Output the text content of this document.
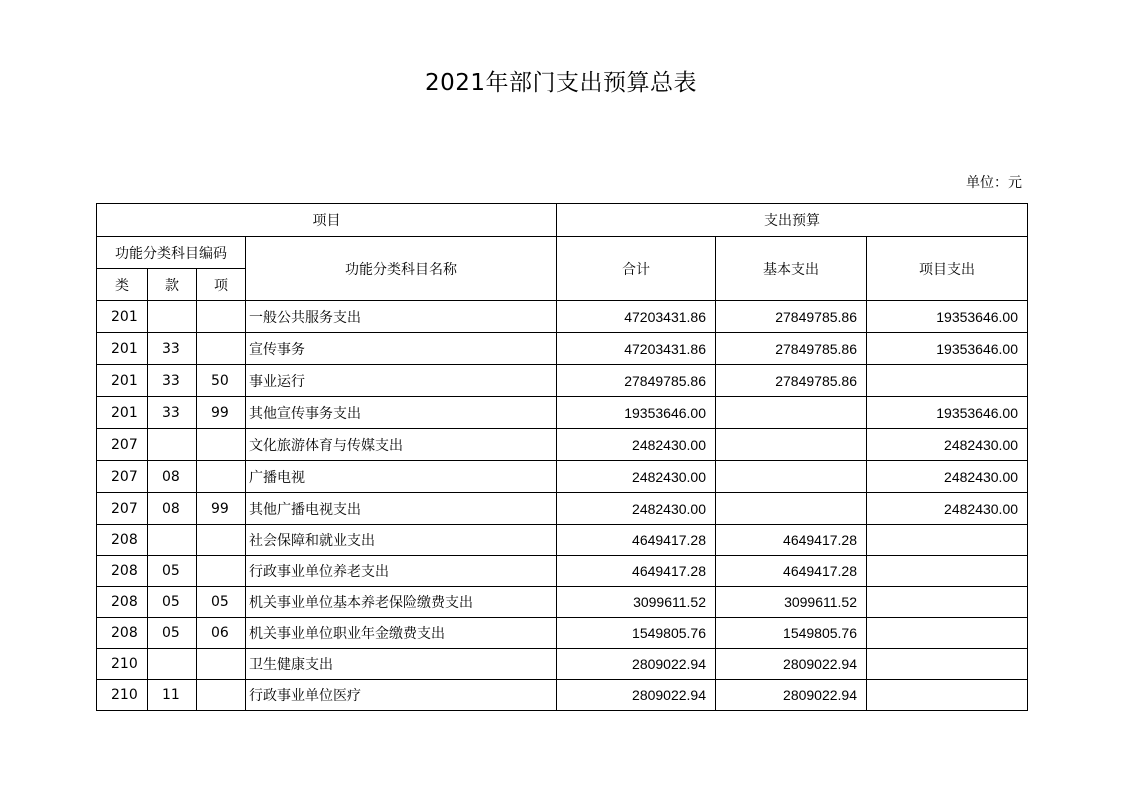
2021年部门支出预算总表
单位：元
项目				支出预算		
功能分类科目编码			功能分类科目名称	合计	基本支出	项目支出
类	款	项				
201			一般公共服务支出	47203431.86	27849785.86	19353646.00
201	33		宣传事务	47203431.86	27849785.86	19353646.00
201	33	50	事业运行	27849785.86	27849785.86	
201	33	99	其他宣传事务支出	19353646.00		19353646.00
207			文化旅游体育与传媒支出	2482430.00		2482430.00
207	08		广播电视	2482430.00		2482430.00
207	08	99	其他广播电视支出	2482430.00		2482430.00
208			社会保障和就业支出	4649417.28	4649417.28	
208	05		行政事业单位养老支出	4649417.28	4649417.28	
208	05	05	机关事业单位基本养老保险缴费支出	3099611.52	3099611.52	
208	05	06	机关事业单位职业年金缴费支出	1549805.76	1549805.76	
210			卫生健康支出	2809022.94	2809022.94	
210	11		行政事业单位医疗	2809022.94	2809022.94	
